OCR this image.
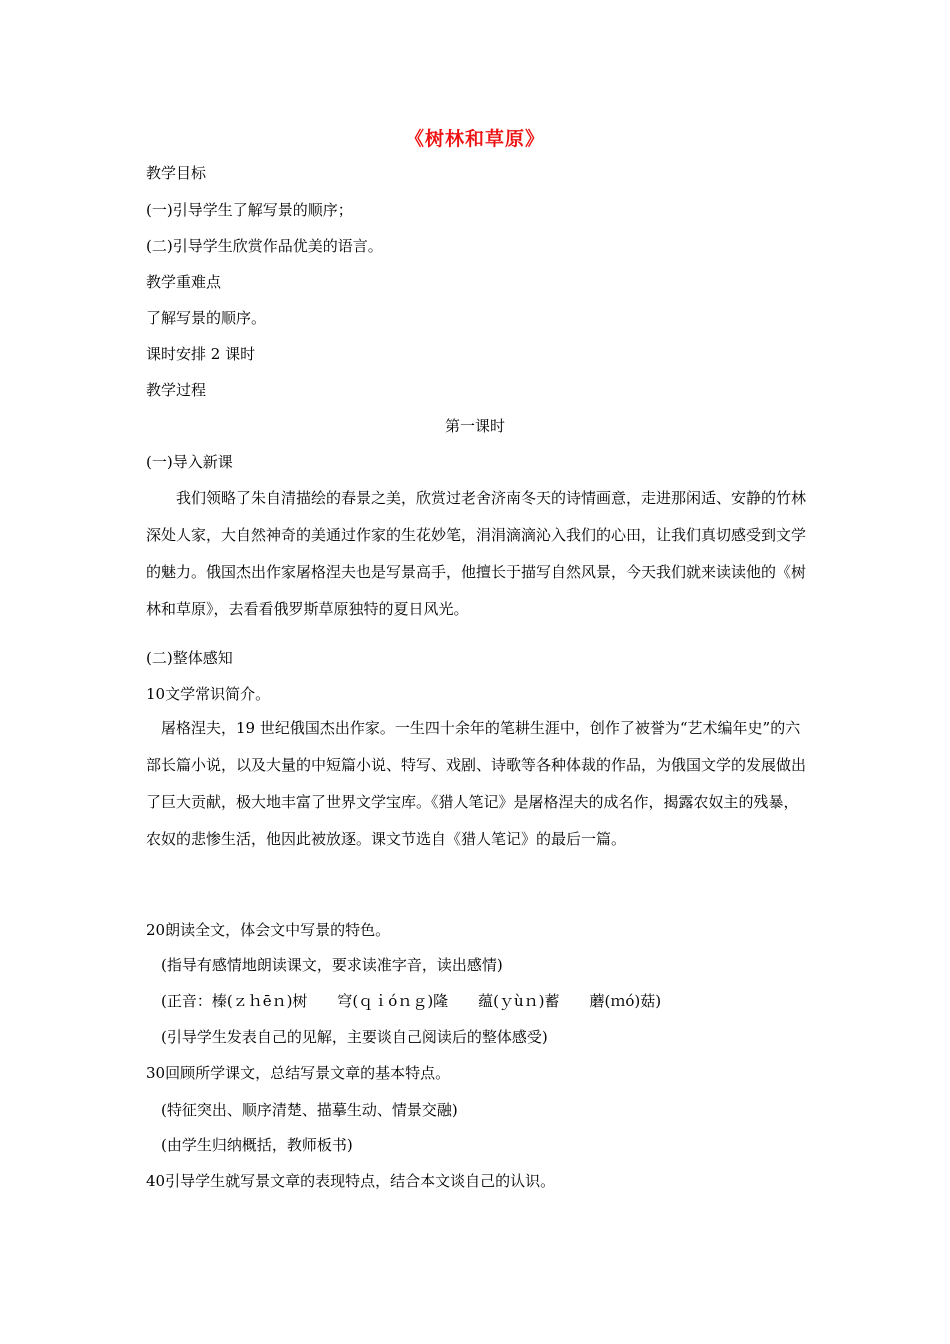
《树林和草原》
教学目标
(一)引导学生了解写景的顺序；
(二)引导学生欣赏作品优美的语言。
教学重难点
了解写景的顺序。
课时安排 2 课时
教学过程
第一课时
(一)导入新课

我们领略了朱自清描绘的春景之美，欣赏过老舍济南冬天的诗情画意，走进那闲适、安静的竹林深处人家，大自然神奇的美通过作家的生花妙笔，涓涓滴滴沁入我们的心田，让我们真切感受到文学的魅力。俄国杰出作家屠格涅夫也是写景高手，他擅长于描写自然风景，今天我们就来读读他的《树林和草原》，去看看俄罗斯草原独特的夏日风光。

(二)整体感知
10文学常识简介。

屠格涅夫，19 世纪俄国杰出作家。一生四十余年的笔耕生涯中，创作了被誉为“艺术编年史”的六部长篇小说，以及大量的中短篇小说、特写、戏剧、诗歌等各种体裁的作品，为俄国文学的发展做出了巨大贡献，极大地丰富了世界文学宝库。《猎人笔记》是屠格涅夫的成名作，揭露农奴主的残暴，农奴的悲惨生活，他因此被放逐。课文节选自《猎人笔记》的最后一篇。

20朗读全文，体会文中写景的特色。
(指导有感情地朗读课文，要求读准字音，读出感情)
(正音：榛(ｚｈēｎ)树　　穹(ｑｉóｎｇ)隆　　蕴(ｙùｎ)蓄　　蘑(ｍó)菇)
(引导学生发表自己的见解，主要谈自己阅读后的整体感受)
30回顾所学课文，总结写景文章的基本特点。
(特征突出、顺序清楚、描摹生动、情景交融)
(由学生归纳概括，教师板书)
40引导学生就写景文章的表现特点，结合本文谈自己的认识。
